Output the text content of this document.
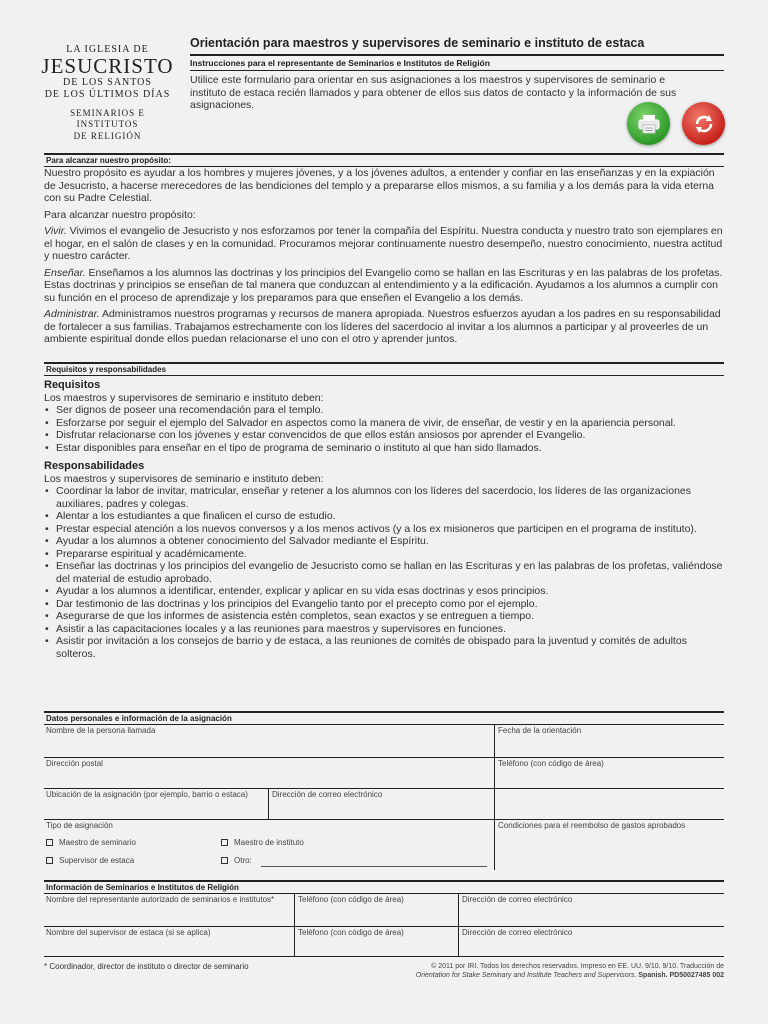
LA IGLESIA DE
JESUCRISTO
DE LOS SANTOS
DE LOS ÚLTIMOS DÍAS
SEMINARIOS E INSTITUTOS
DE RELIGIÓN
Orientación para maestros y supervisores de seminario e instituto de estaca
Instrucciones para el representante de Seminarios e Institutos de Religión
Utilice este formulario para orientar en sus asignaciones a los maestros y supervisores de seminario e instituto de estaca recién llamados y para obtener de ellos sus datos de contacto y la información de sus asignaciones.
Para alcanzar nuestro propósito:

Nuestro propósito es ayudar a los hombres y mujeres jóvenes, y a los jóvenes adultos, a entender y confiar en las enseñanzas y en la expiación de Jesucristo, a hacerse merecedores de las bendiciones del templo y a prepararse ellos mismos, a su familia y a los demás para la vida eterna con su Padre Celestial.

Para alcanzar nuestro propósito:

Vivir. Vivimos el evangelio de Jesucristo y nos esforzamos por tener la compañía del Espíritu. Nuestra conducta y nuestro trato son ejemplares en el hogar, en el salón de clases y en la comunidad. Procuramos mejorar continuamente nuestro desempeño, nuestro conocimiento, nuestra actitud y nuestro carácter.

Enseñar. Enseñamos a los alumnos las doctrinas y los principios del Evangelio como se hallan en las Escrituras y en las palabras de los profetas. Estas doctrinas y principios se enseñan de tal manera que conduzcan al entendimiento y a la edificación. Ayudamos a los alumnos a cumplir con su función en el proceso de aprendizaje y los preparamos para que enseñen el Evangelio a los demás.

Administrar. Administramos nuestros programas y recursos de manera apropiada. Nuestros esfuerzos ayudan a los padres en su responsabilidad de fortalecer a sus familias. Trabajamos estrechamente con los líderes del sacerdocio al invitar a los alumnos a participar y al proveerles de un ambiente espiritual donde ellos puedan relacionarse el uno con el otro y aprender juntos.

Requisitos y responsabilidades
Requisitos
Los maestros y supervisores de seminario e instituto deben:
• Ser dignos de poseer una recomendación para el templo.
• Esforzarse por seguir el ejemplo del Salvador en aspectos como la manera de vivir, de enseñar, de vestir y en la apariencia personal.
• Disfrutar relacionarse con los jóvenes y estar convencidos de que ellos están ansiosos por aprender el Evangelio.
• Estar disponibles para enseñar en el tipo de programa de seminario o instituto al que han sido llamados.
Responsabilidades
Los maestros y supervisores de seminario e instituto deben:
• Coordinar la labor de invitar, matricular, enseñar y retener a los alumnos con los líderes del sacerdocio, los líderes de las organizaciones auxiliares, padres y colegas.
• Alentar a los estudiantes a que finalicen el curso de estudio.
• Prestar especial atención a los nuevos conversos y a los menos activos (y a los ex misioneros que participen en el programa de instituto).
• Ayudar a los alumnos a obtener conocimiento del Salvador mediante el Espíritu.
• Prepararse espiritual y académicamente.
• Enseñar las doctrinas y los principios del evangelio de Jesucristo como se hallan en las Escrituras y en las palabras de los profetas, valiéndose del material de estudio aprobado.
• Ayudar a los alumnos a identificar, entender, explicar y aplicar en su vida esas doctrinas y esos principios.
• Dar testimonio de las doctrinas y los principios del Evangelio tanto por el precepto como por el ejemplo.
• Asegurarse de que los informes de asistencia estén completos, sean exactos y se entreguen a tiempo.
• Asistir a las capacitaciones locales y a las reuniones para maestros y supervisores en funciones.
• Asistir por invitación a los consejos de barrio y de estaca, a las reuniones de comités de obispado para la juventud y comités de adultos solteros.
Datos personales e información de la asignación
Nombre de la persona llamada	Fecha de la orientación
Dirección postal	Teléfono (con código de área)
Ubicación de la asignación (por ejemplo, barrio o estaca)	Dirección de correo electrónico
Tipo de asignación
Maestro de seminario	Maestro de instituto
Supervisor de estaca	Otro:
Condiciones para el reembolso de gastos aprobados
Información de Seminarios e Institutos de Religión
Nombre del representante autorizado de seminarios e institutos*	Teléfono (con código de área)	Dirección de correo electrónico
Nombre del supervisor de estaca (si se aplica)	Teléfono (con código de área)	Dirección de correo electrónico
* Coordinador, director de instituto o director de seminario	© 2011 por IRI. Todos los derechos reservados. Impreso en EE. UU. 9/10. 9/10. Traducción de
Orientation for Stake Seminary and Institute Teachers and Supervisors. Spanish. PD50027485 002
